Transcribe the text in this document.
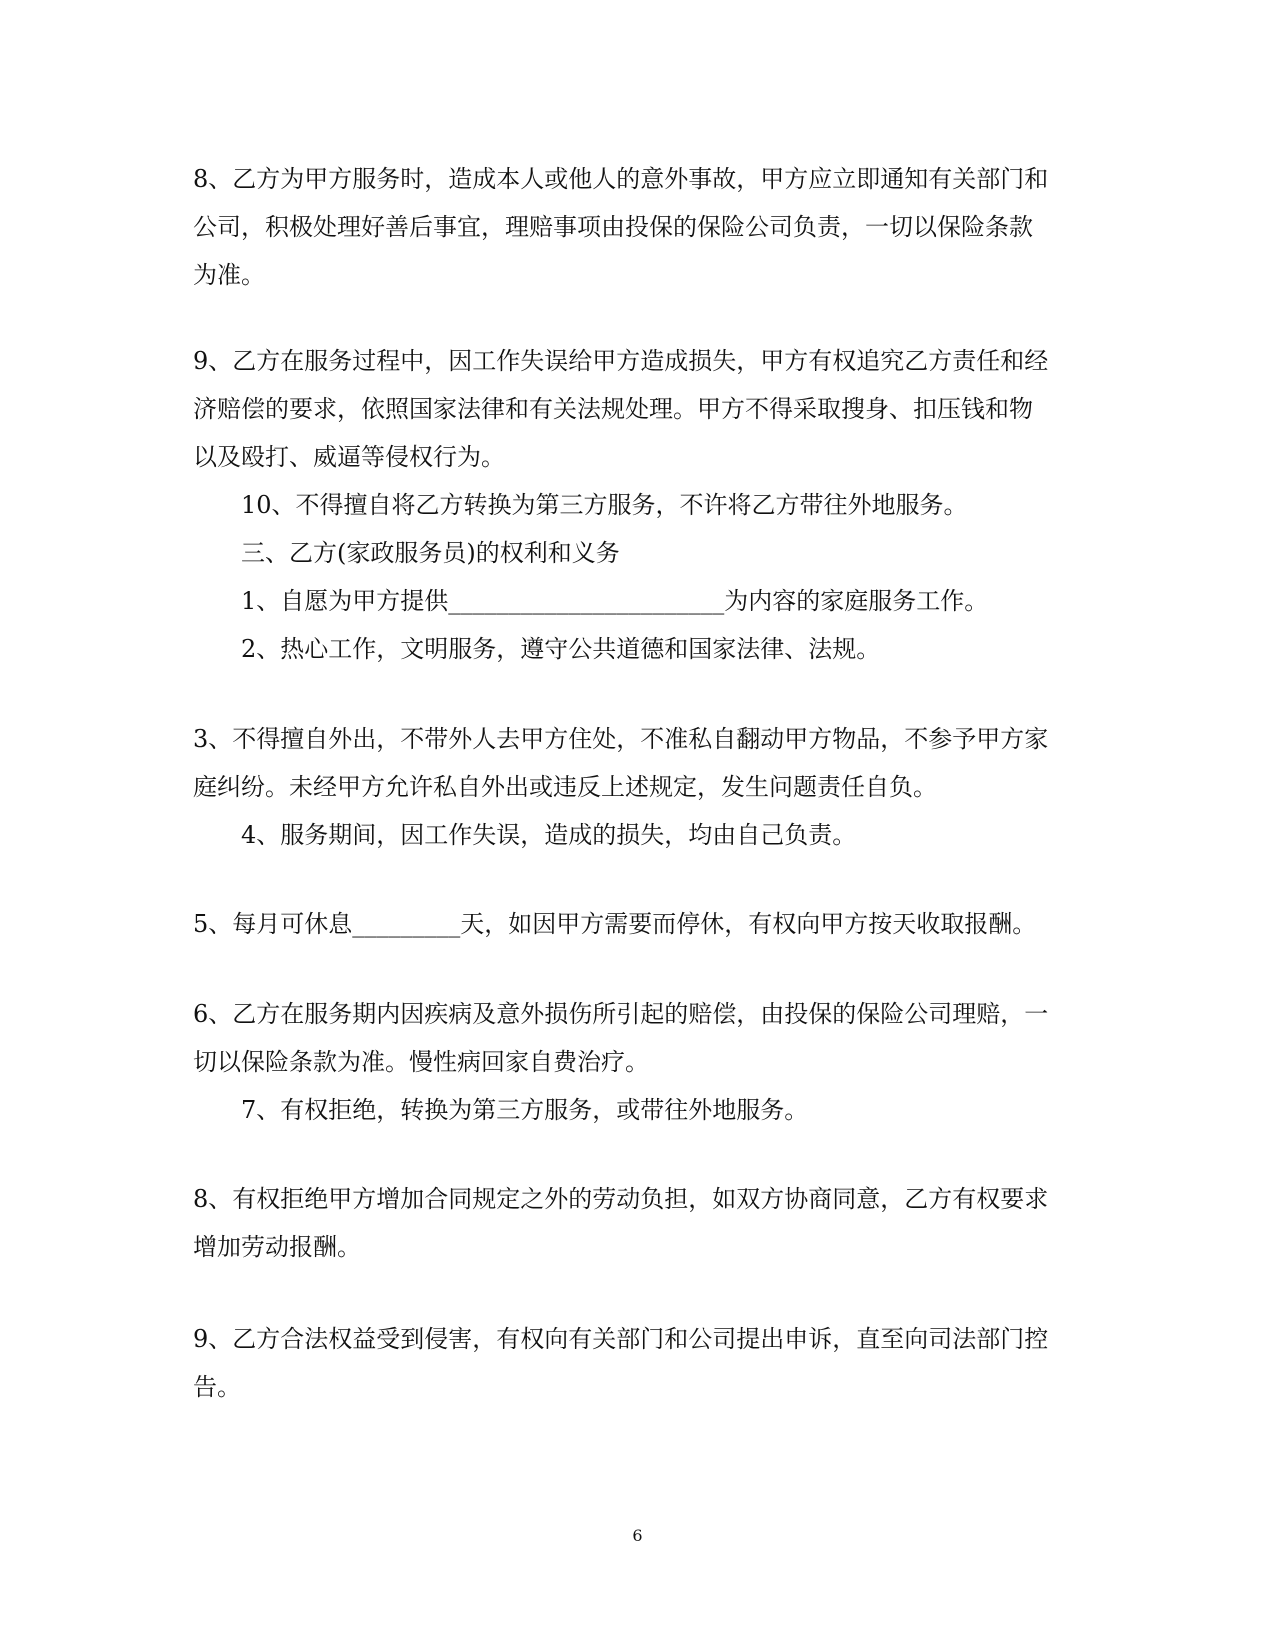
8、乙方为甲方服务时，造成本人或他人的意外事故，甲方应立即通知有关部门和
公司，积极处理好善后事宜，理赔事项由投保的保险公司负责，一切以保险条款
为准。

9、乙方在服务过程中，因工作失误给甲方造成损失，甲方有权追究乙方责任和经
济赔偿的要求，依照国家法律和有关法规处理。甲方不得采取搜身、扣压钱和物
以及殴打、威逼等侵权行为。

10、不得擅自将乙方转换为第三方服务，不许将乙方带往外地服务。

三、乙方(家政服务员)的权利和义务

1、自愿为甲方提供_______________________为内容的家庭服务工作。

2、热心工作，文明服务，遵守公共道德和国家法律、法规。

3、不得擅自外出，不带外人去甲方住处，不准私自翻动甲方物品，不参予甲方家
庭纠纷。未经甲方允许私自外出或违反上述规定，发生问题责任自负。

4、服务期间，因工作失误，造成的损失，均由自己负责。

5、每月可休息_________天，如因甲方需要而停休，有权向甲方按天收取报酬。

6、乙方在服务期内因疾病及意外损伤所引起的赔偿，由投保的保险公司理赔，一
切以保险条款为准。慢性病回家自费治疗。

7、有权拒绝，转换为第三方服务，或带往外地服务。

8、有权拒绝甲方增加合同规定之外的劳动负担，如双方协商同意，乙方有权要求
增加劳动报酬。

9、乙方合法权益受到侵害，有权向有关部门和公司提出申诉，直至向司法部门控
告。

6
